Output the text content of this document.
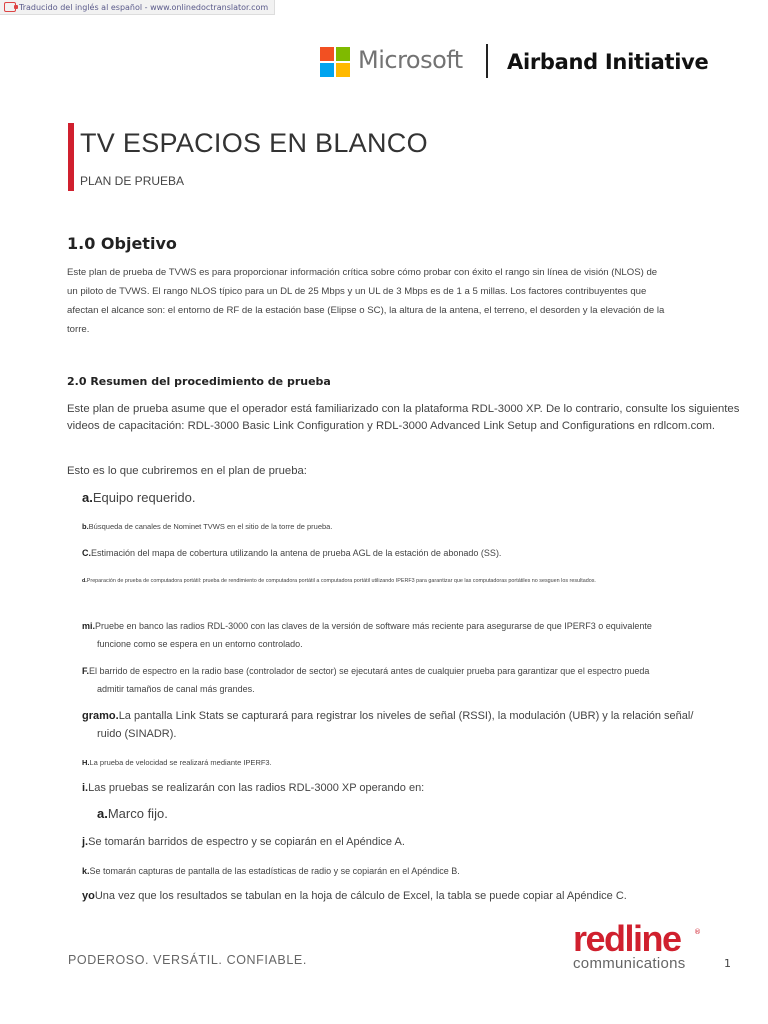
Traducido del inglés al español - www.onlinedoctranslator.com
Microsoft Airband Initiative
TV ESPACIOS EN BLANCO
PLAN DE PRUEBA
1.0 Objetivo
Este plan de prueba de TVWS es para proporcionar información crítica sobre cómo probar con éxito el rango sin línea de visión (NLOS) de
un piloto de TVWS. El rango NLOS típico para un DL de 25 Mbps y un UL de 3 Mbps es de 1 a 5 millas. Los factores contribuyentes que
afectan el alcance son: el entorno de RF de la estación base (Elipse o SC), la altura de la antena, el terreno, el desorden y la elevación de la
torre.
2.0 Resumen del procedimiento de prueba
Este plan de prueba asume que el operador está familiarizado con la plataforma RDL-3000 XP. De lo contrario, consulte los siguientes
videos de capacitación: RDL-3000 Basic Link Configuration y RDL-3000 Advanced Link Setup and Configurations en rdlcom.com.
Esto es lo que cubriremos en el plan de prueba:
a.Equipo requerido.
b.Búsqueda de canales de Nominet TVWS en el sitio de la torre de prueba.
C.Estimación del mapa de cobertura utilizando la antena de prueba AGL de la estación de abonado (SS).
d.Preparación de prueba de computadora portátil: prueba de rendimiento de computadora portátil a computadora portátil utilizando IPERF3 para garantizar que las computadoras portátiles no sesguen los resultados.
mi.Pruebe en banco las radios RDL-3000 con las claves de la versión de software más reciente para asegurarse de que IPERF3 o equivalente
funcione como se espera en un entorno controlado.
F.El barrido de espectro en la radio base (controlador de sector) se ejecutará antes de cualquier prueba para garantizar que el espectro pueda
admitir tamaños de canal más grandes.
gramo.La pantalla Link Stats se capturará para registrar los niveles de señal (RSSI), la modulación (UBR) y la relación señal/
ruido (SINADR).
H.La prueba de velocidad se realizará mediante IPERF3.
i.Las pruebas se realizarán con las radios RDL-3000 XP operando en:
a.Marco fijo.
j.Se tomarán barridos de espectro y se copiarán en el Apéndice A.
k.Se tomarán capturas de pantalla de las estadísticas de radio y se copiarán en el Apéndice B.
yoUna vez que los resultados se tabulan en la hoja de cálculo de Excel, la tabla se puede copiar al Apéndice C.
PODEROSO. VERSÁTIL. CONFIABLE.
redline ®
communications	1
